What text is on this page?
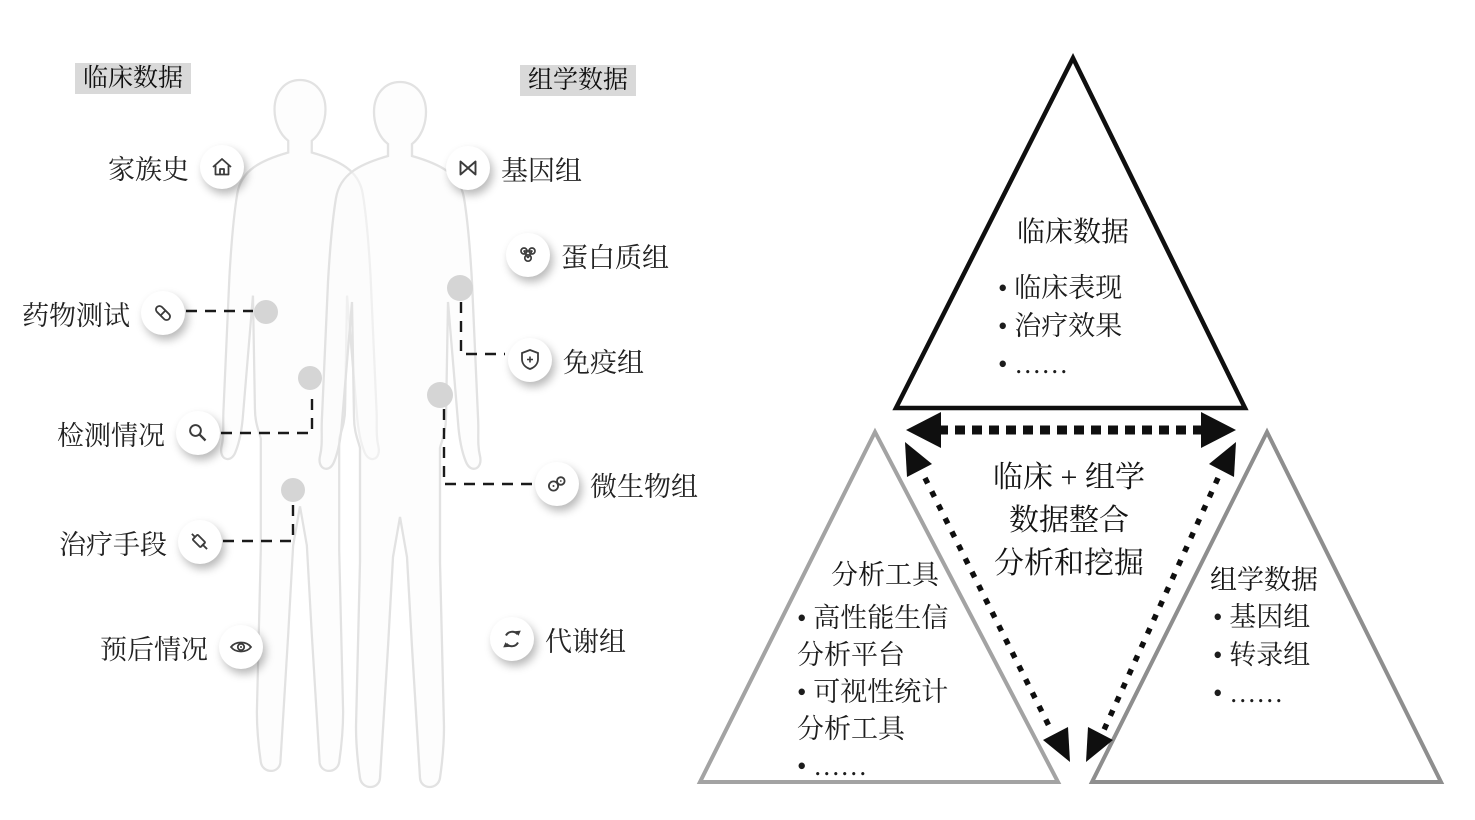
临床数据	组学数据
家族史
药物测试
检测情况
治疗手段
预后情况
基因组
蛋白质组
免疫组
微生物组
代谢组
临床数据
• 临床表现
• 治疗效果
• ……
临床 + 组学
数据整合
分析和挖掘
分析工具
• 高性能生信
分析平台
• 可视性统计
分析工具
• ……
组学数据
• 基因组
• 转录组
• ……
